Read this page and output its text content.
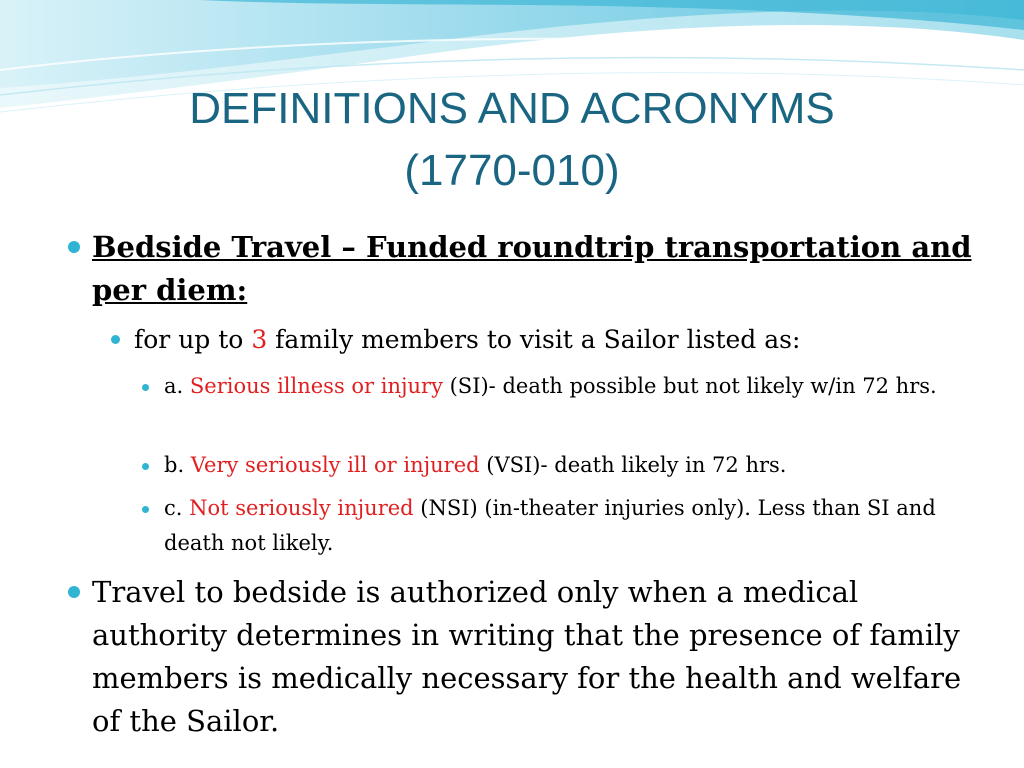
DEFINITIONS AND ACRONYMS
(1770-010)
Bedside Travel – Funded roundtrip transportation and per diem:
for up to 3 family members to visit a Sailor listed as:
a. Serious illness or injury (SI)- death possible but not likely w/in 72 hrs.
b. Very seriously ill or injured (VSI)- death likely in 72 hrs.
c. Not seriously injured (NSI) (in-theater injuries only). Less than SI and death not likely.
Travel to bedside is authorized only when a medical authority determines in writing that the presence of family members is medically necessary for the health and welfare of the Sailor.
